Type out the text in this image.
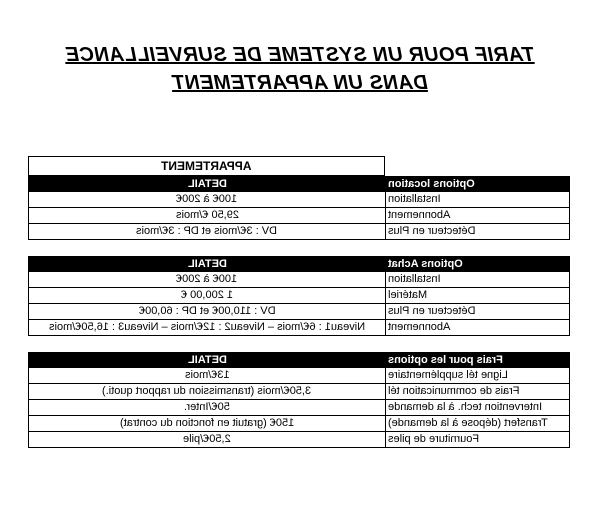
TARIF POUR UN SYSTEME DE SURVEILLANCE
DANS UN APPARTEMENT
APPARTEMENT
DETAIL	Options location
100€ à 200€	Installation
29,50 €/mois	Abonnement
DV : 3€/mois et DP : 3€/mois	Détecteur en Plus
DETAIL	Options Achat
100€ à 200€	Installation
1 200,00 €	Matériel
DV : 110,00€ et DP : 60,00€	Détecteur en Plus
Niveau1 : 6€/mois – Niveau2 : 12€/mois – Niveau3 : 16,50€/mois	Abonnement
DETAIL	Frais pour les options
13€/mois	Ligne tél supplémentaire
3,50€/mois (transmission du rapport quoti.)	Frais de communication tél
50€/Inter.	Intervention tech. à la demande
150€ (gratuit en fonction du contrat)	Transfert (dépose à la demande)
2,50€/pile	Fourniture de piles
